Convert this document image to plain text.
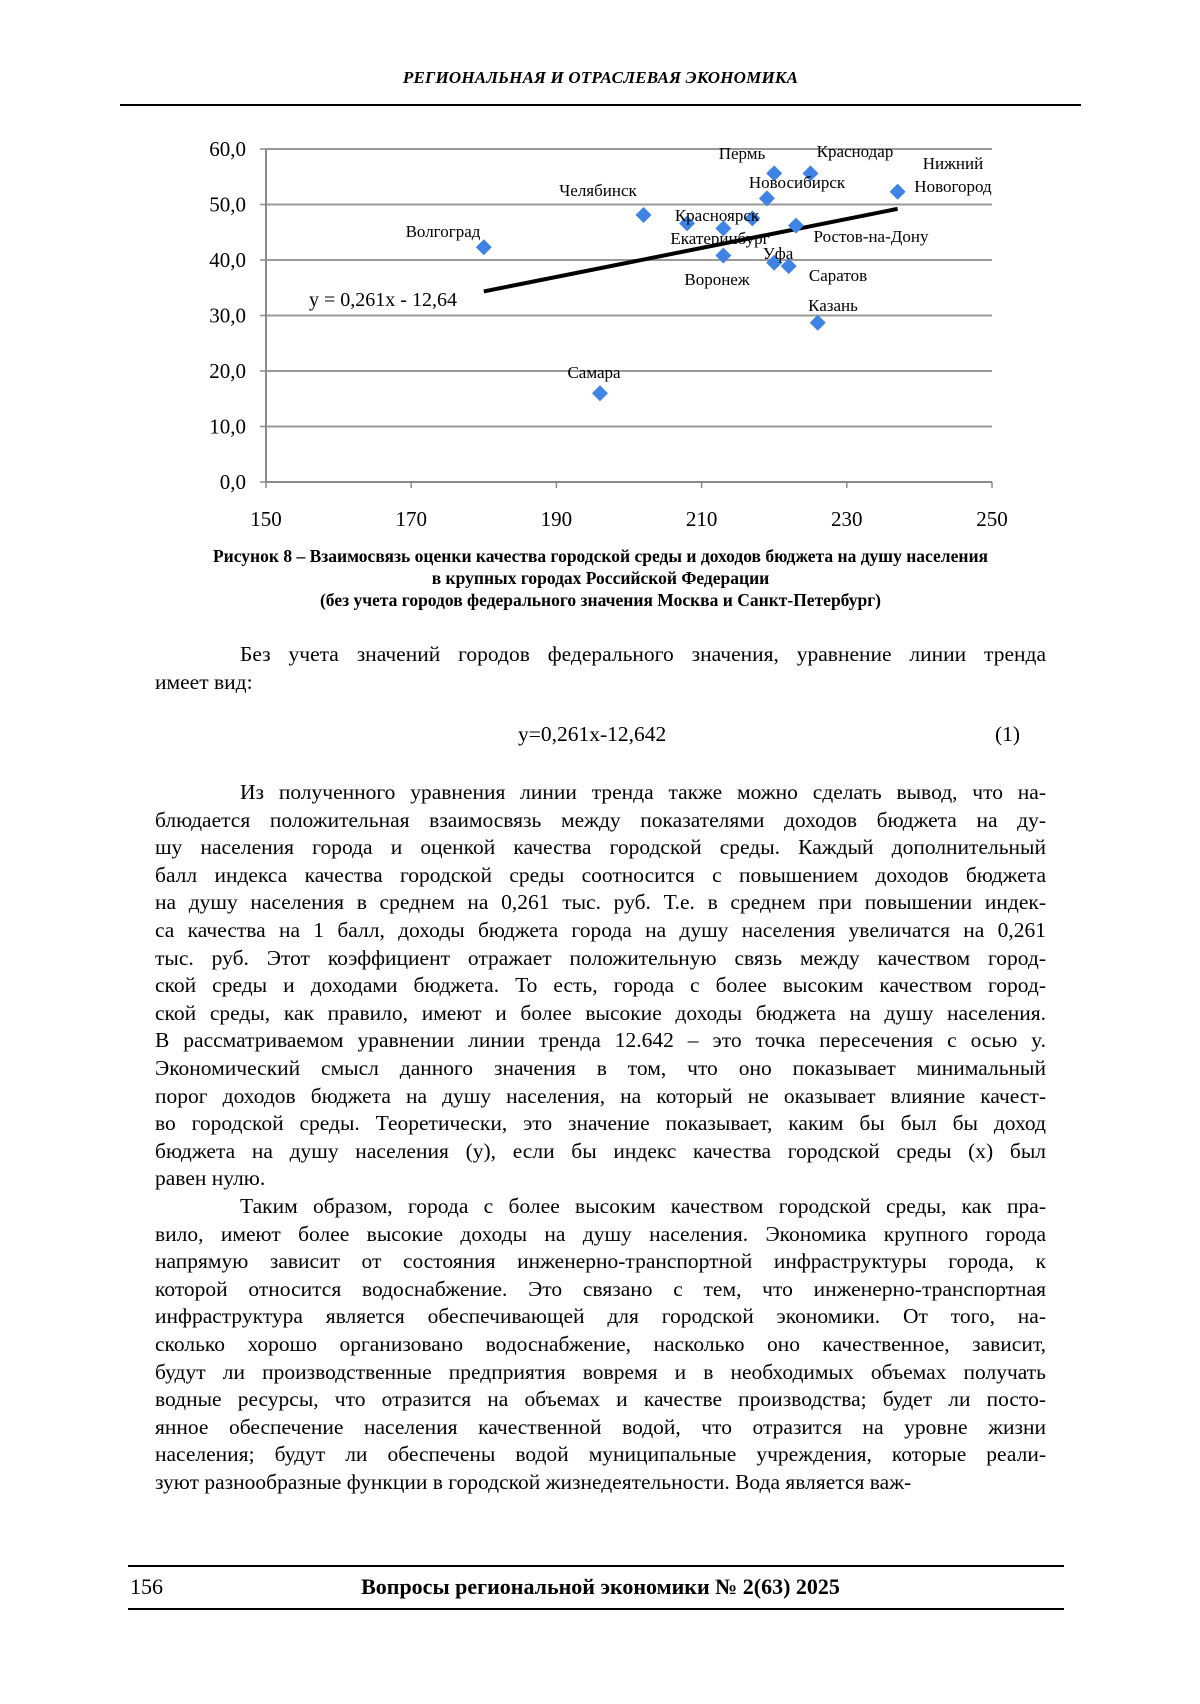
РЕГИОНАЛЬНАЯ И ОТРАСЛЕВАЯ ЭКОНОМИКА
0,0
10,0
20,0
30,0
40,0
50,0
60,0
150	170	190	210	230	250
y = 0,261x - 12,64
Волгоград
Самара
Челябинск
Красноярск
Екатеринбург
Воронеж
Новосибирск
Пермь
Уфа
Саратов
Ростов-на-Дону
Краснодар
Казань
Нижний Новогород
Рисунок 8 – Взаимосвязь оценки качества городской среды и доходов бюджета на душу населения
в крупных городах Российской Федерации
(без учета городов федерального значения Москва и Санкт-Петербург)
Без учета значений городов федерального значения, уравнение линии тренда
имеет вид:
Из полученного уравнения линии тренда также можно сделать вывод, что на-
блюдается положительная взаимосвязь между показателями доходов бюджета на ду-
шу населения города и оценкой качества городской среды. Каждый дополнительный
балл индекса качества городской среды соотносится с повышением доходов бюджета
на душу населения в среднем на 0,261 тыс. руб. Т.е. в среднем при повышении индек-
са качества на 1 балл, доходы бюджета города на душу населения увеличатся на 0,261
тыс. руб. Этот коэффициент отражает положительную связь между качеством город-
ской среды и доходами бюджета. То есть, города с более высоким качеством город-
ской среды, как правило, имеют и более высокие доходы бюджета на душу населения.
В рассматриваемом уравнении линии тренда 12.642 – это точка пересечения с осью y.
Экономический смысл данного значения в том, что оно показывает минимальный
порог доходов бюджета на душу населения, на который не оказывает влияние качест-
во городской среды. Теоретически, это значение показывает, каким бы был бы доход
бюджета на душу населения (y), если бы индекс качества городской среды (x) был
равен нулю.
Таким образом, города с более высоким качеством городской среды, как пра-
вило, имеют более высокие доходы на душу населения. Экономика крупного города
напрямую зависит от состояния инженерно-транспортной инфраструктуры города, к
которой относится водоснабжение. Это связано с тем, что инженерно-транспортная
инфраструктура является обеспечивающей для городской экономики. От того, на-
сколько хорошо организовано водоснабжение, насколько оно качественное, зависит,
будут ли производственные предприятия вовремя и в необходимых объемах получать
водные ресурсы, что отразится на объемах и качестве производства; будет ли посто-
янное обеспечение населения качественной водой, что отразится на уровне жизни
населения; будут ли обеспечены водой муниципальные учреждения, которые реали-
зуют разнообразные функции в городской жизнедеятельности. Вода является важ-
y=0,261x-12,642	(1)
156	Вопросы региональной экономики № 2(63) 2025
